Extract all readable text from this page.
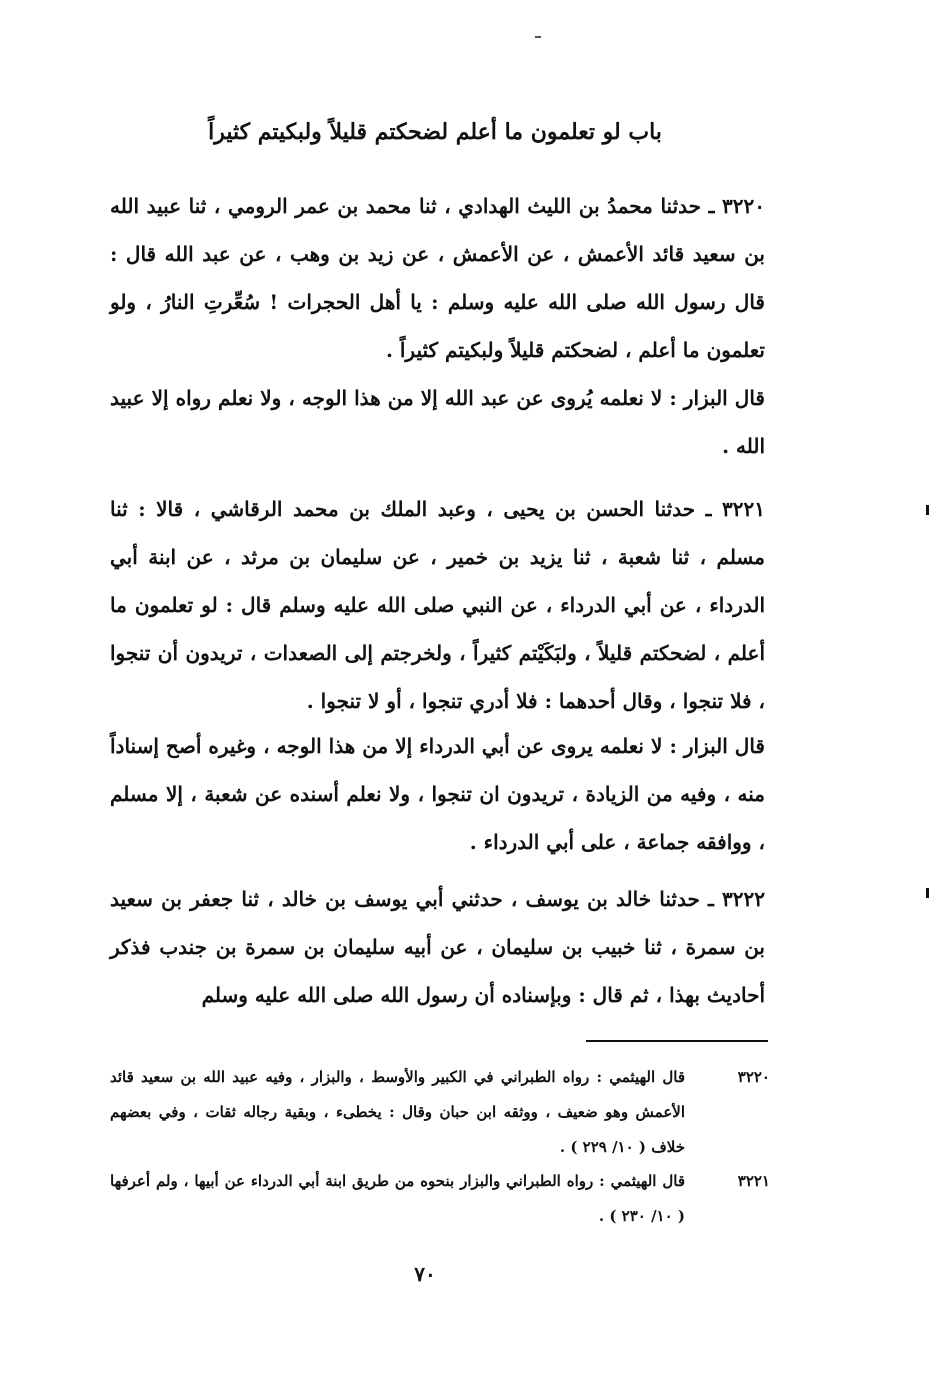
باب لو تعلمون ما أعلم لضحكتم قليلاً ولبكيتم كثيراً

٣٢٢٠ ـ حدثنا محمدُ بن الليث الهدادي ، ثنا محمد بن عمر الرومي ، ثنا عبيد الله بن سعيد قائد الأعمش ، عن الأعمش ، عن زيد بن وهب ، عن عبد الله قال : قال رسول الله صلى الله عليه وسلم : يا أهل الحجرات ! سُعِّرتِ النارُ ، ولو تعلمون ما أعلم ، لضحكتم قليلاً ولبكيتم كثيراً .

قال البزار : لا نعلمه يُروى عن عبد الله إلا من هذا الوجه ، ولا نعلم رواه إلا عبيد الله .

٣٢٢١ ـ حدثنا الحسن بن يحيى ، وعبد الملك بن محمد الرقاشي ، قالا : ثنا مسلم ، ثنا شعبة ، ثنا يزيد بن خمير ، عن سليمان بن مرثد ، عن ابنة أبي الدرداء ، عن أبي الدرداء ، عن النبي صلى الله عليه وسلم قال : لو تعلمون ما أعلم ، لضحكتم قليلاً ، ولبَكَيْتم كثيراً ، ولخرجتم إلى الصعدات ، تريدون أن تنجوا ، فلا تنجوا ، وقال أحدهما : فلا أدري تنجوا ، أو لا تنجوا .

قال البزار : لا نعلمه يروى عن أبي الدرداء إلا من هذا الوجه ، وغيره أصح إسناداً منه ، وفيه من الزيادة ، تريدون ان تنجوا ، ولا نعلم أسنده عن شعبة ، إلا مسلم ، ووافقه جماعة ، على أبي الدرداء .

٣٢٢٢ ـ حدثنا خالد بن يوسف ، حدثني أبي يوسف بن خالد ، ثنا جعفر بن سعيد بن سمرة ، ثنا خبيب بن سليمان ، عن أبيه سليمان بن سمرة بن جندب فذكر أحاديث بهذا ، ثم قال : وبإسناده أن رسول الله صلى الله عليه وسلم

٣٢٢٠
قال الهيثمي : رواه الطبراني في الكبير والأوسط ، والبزار ، وفيه عبيد الله بن سعيد قائد الأعمش وهو ضعيف ، ووثقه ابن حبان وقال : يخطىء ، وبقية رجاله ثقات ، وفي بعضهم خلاف ( ١٠/ ٢٢٩ ) .
٣٢٢١
قال الهيثمي : رواه الطبراني والبزار بنحوه من طريق ابنة أبي الدرداء عن أبيها ، ولم أعرفها ( ١٠/ ٢٣٠ ) .
٧٠
